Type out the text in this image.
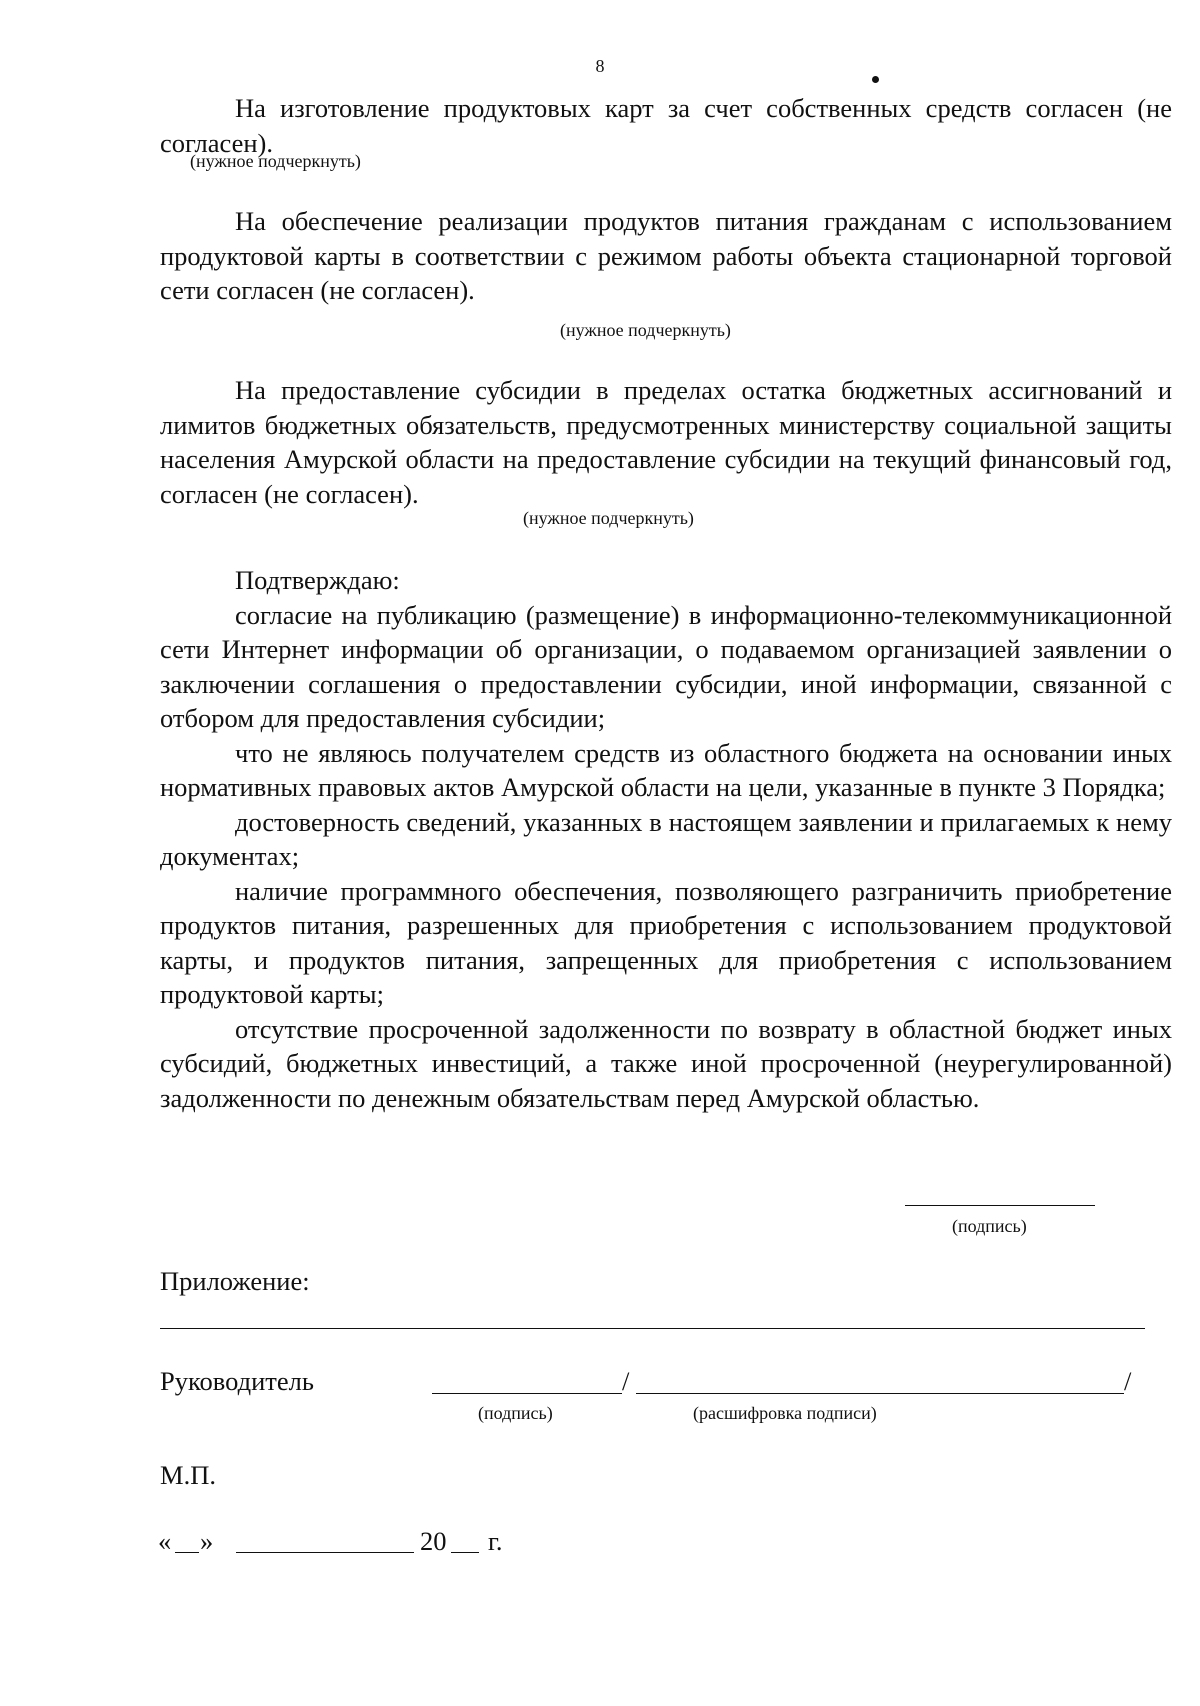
8

На изготовление продуктовых карт за счет собственных средств согласен (не согласен).

(нужное подчеркнуть)

На обеспечение реализации продуктов питания гражданам с использованием продуктовой карты в соответствии с режимом работы объекта стационарной торговой сети согласен (не согласен).

(нужное подчеркнуть)

На предоставление субсидии в пределах остатка бюджетных ассигнований и лимитов бюджетных обязательств, предусмотренных министерству социальной защиты населения Амурской области на предоставление субсидии на текущий финансовый год, согласен (не согласен).

(нужное подчеркнуть)

Подтверждаю:

согласие на публикацию (размещение) в информационно-телекоммуникационной сети Интернет информации об организации, о подаваемом организацией заявлении о заключении соглашения о предоставлении субсидии, иной информации, связанной с отбором для предоставления субсидии;

что не являюсь получателем средств из областного бюджета на основании иных нормативных правовых актов Амурской области на цели, указанные в пункте 3 Порядка;

достоверность сведений, указанных в настоящем заявлении и прилагаемых к нему документах;

наличие программного обеспечения, позволяющего разграничить приобретение продуктов питания, разрешенных для приобретения с использованием продуктовой карты, и продуктов питания, запрещенных для приобретения с использованием продуктовой карты;

отсутствие просроченной задолженности по возврату в областной бюджет иных субсидий, бюджетных инвестиций, а также иной просроченной (неурегулированной) задолженности по денежным обязательствам перед Амурской областью.

(подпись)
Приложение:
Руководитель	/	/
(подпись)	(расшифровка подписи)
М.П.
« »	20 г.
